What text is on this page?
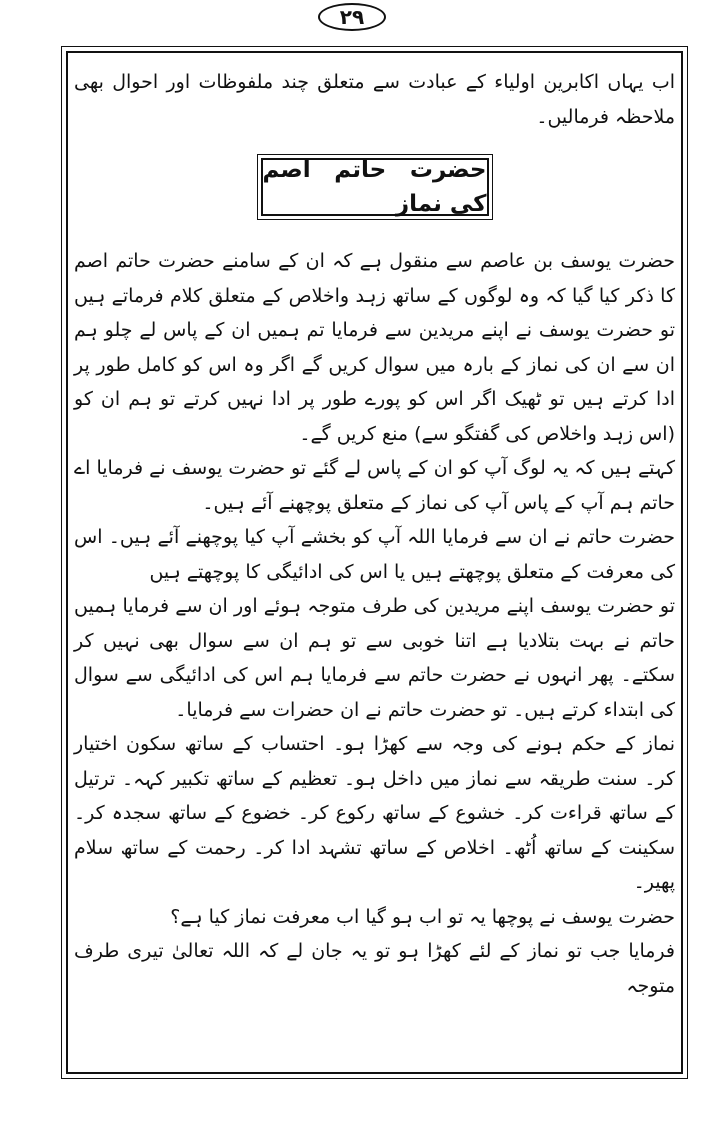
۲۹

اب یہاں اکابرین اولیاء کے عبادت سے متعلق چند ملفوظات اور احوال بھی ملاحظہ فرمالیں۔

حضرت حاتم اصم کی نماز

حضرت یوسف بن عاصم سے منقول ہے کہ ان کے سامنے حضرت حاتم اصم کا ذکر کیا گیا کہ وہ لوگوں کے ساتھ زہد واخلاص کے متعلق کلام فرماتے ہیں تو حضرت یوسف نے اپنے مریدین سے فرمایا تم ہمیں ان کے پاس لے چلو ہم ان سے ان کی نماز کے بارہ میں سوال کریں گے اگر وہ اس کو کامل طور پر ادا کرتے ہیں تو ٹھیک اگر اس کو پورے طور پر ادا نہیں کرتے تو ہم ان کو (اس زہد واخلاص کی گفتگو سے) منع کریں گے۔

کہتے ہیں کہ یہ لوگ آپ کو ان کے پاس لے گئے تو حضرت یوسف نے فرمایا اے حاتم ہم آپ کے پاس آپ کی نماز کے متعلق پوچھنے آئے ہیں۔

حضرت حاتم نے ان سے فرمایا اللہ آپ کو بخشے آپ کیا پوچھنے آئے ہیں۔ اس کی معرفت کے متعلق پوچھتے ہیں یا اس کی ادائیگی کا پوچھتے ہیں

تو حضرت یوسف اپنے مریدین کی طرف متوجہ ہوئے اور ان سے فرمایا ہمیں حاتم نے بہت بتلادیا ہے اتنا خوبی سے تو ہم ان سے سوال بھی نہیں کر سکتے۔ پھر انہوں نے حضرت حاتم سے فرمایا ہم اس کی ادائیگی سے سوال کی ابتداء کرتے ہیں۔ تو حضرت حاتم نے ان حضرات سے فرمایا۔

نماز کے حکم ہونے کی وجہ سے کھڑا ہو۔ احتساب کے ساتھ سکون اختیار کر۔ سنت طریقہ سے نماز میں داخل ہو۔ تعظیم کے ساتھ تکبیر کہہ۔ ترتیل کے ساتھ قراءت کر۔ خشوع کے ساتھ رکوع کر۔ خضوع کے ساتھ سجدہ کر۔ سکینت کے ساتھ اُٹھ۔ اخلاص کے ساتھ تشہد ادا کر۔ رحمت کے ساتھ سلام پھیر۔

حضرت یوسف نے پوچھا یہ تو اب ہو گیا اب معرفت نماز کیا ہے؟

فرمایا جب تو نماز کے لئے کھڑا ہو تو یہ جان لے کہ اللہ تعالیٰ تیری طرف متوجہ
